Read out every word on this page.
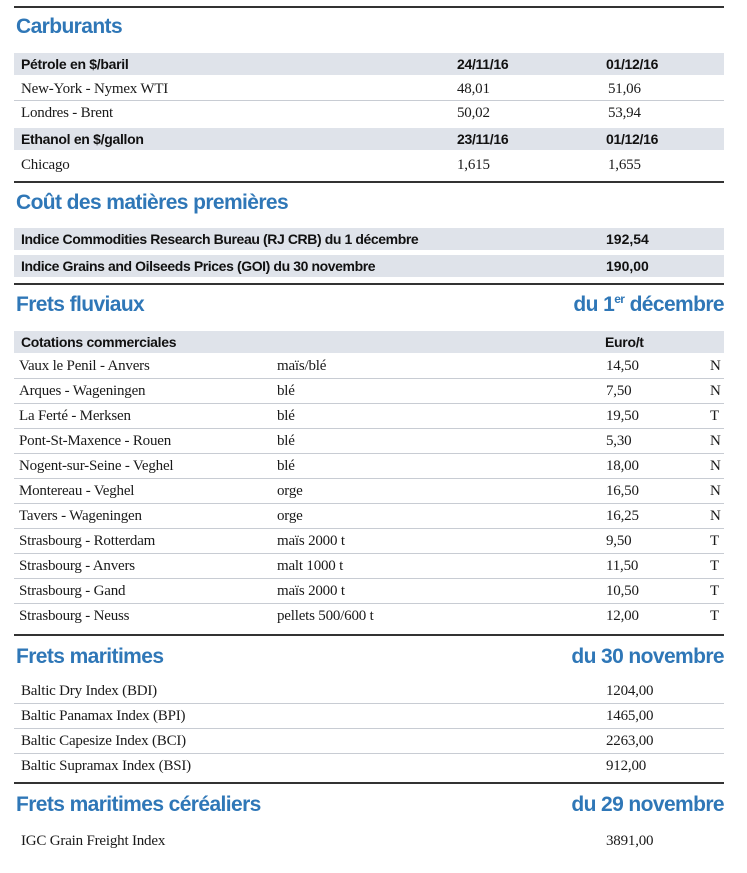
Carburants
Pétrole en $/baril	24/11/16	01/12/16
New-York - Nymex WTI	48,01	51,06
Londres - Brent	50,02	53,94
Ethanol en $/gallon	23/11/16	01/12/16
Chicago	1,615	1,655
Coût des matières premières
Indice Commodities Research Bureau (RJ CRB) du 1 décembre	192,54
Indice Grains and Oilseeds Prices (GOI) du 30 novembre	190,00
Frets fluviaux	du 1er décembre
Cotations commerciales	Euro/t
Vaux le Penil - Anvers	maïs/blé	14,50	N
Arques - Wageningen	blé	7,50	N
La Ferté - Merksen	blé	19,50	T
Pont-St-Maxence - Rouen	blé	5,30	N
Nogent-sur-Seine - Veghel	blé	18,00	N
Montereau - Veghel	orge	16,50	N
Tavers - Wageningen	orge	16,25	N
Strasbourg - Rotterdam	maïs 2000 t	9,50	T
Strasbourg - Anvers	malt 1000 t	11,50	T
Strasbourg - Gand	maïs 2000 t	10,50	T
Strasbourg - Neuss	pellets 500/600 t	12,00	T
Frets maritimes	du 30 novembre
Baltic Dry Index (BDI)	1204,00
Baltic Panamax Index (BPI)	1465,00
Baltic Capesize Index (BCI)	2263,00
Baltic Supramax Index (BSI)	912,00
Frets maritimes céréaliers	du 29 novembre
IGC Grain Freight Index	3891,00
